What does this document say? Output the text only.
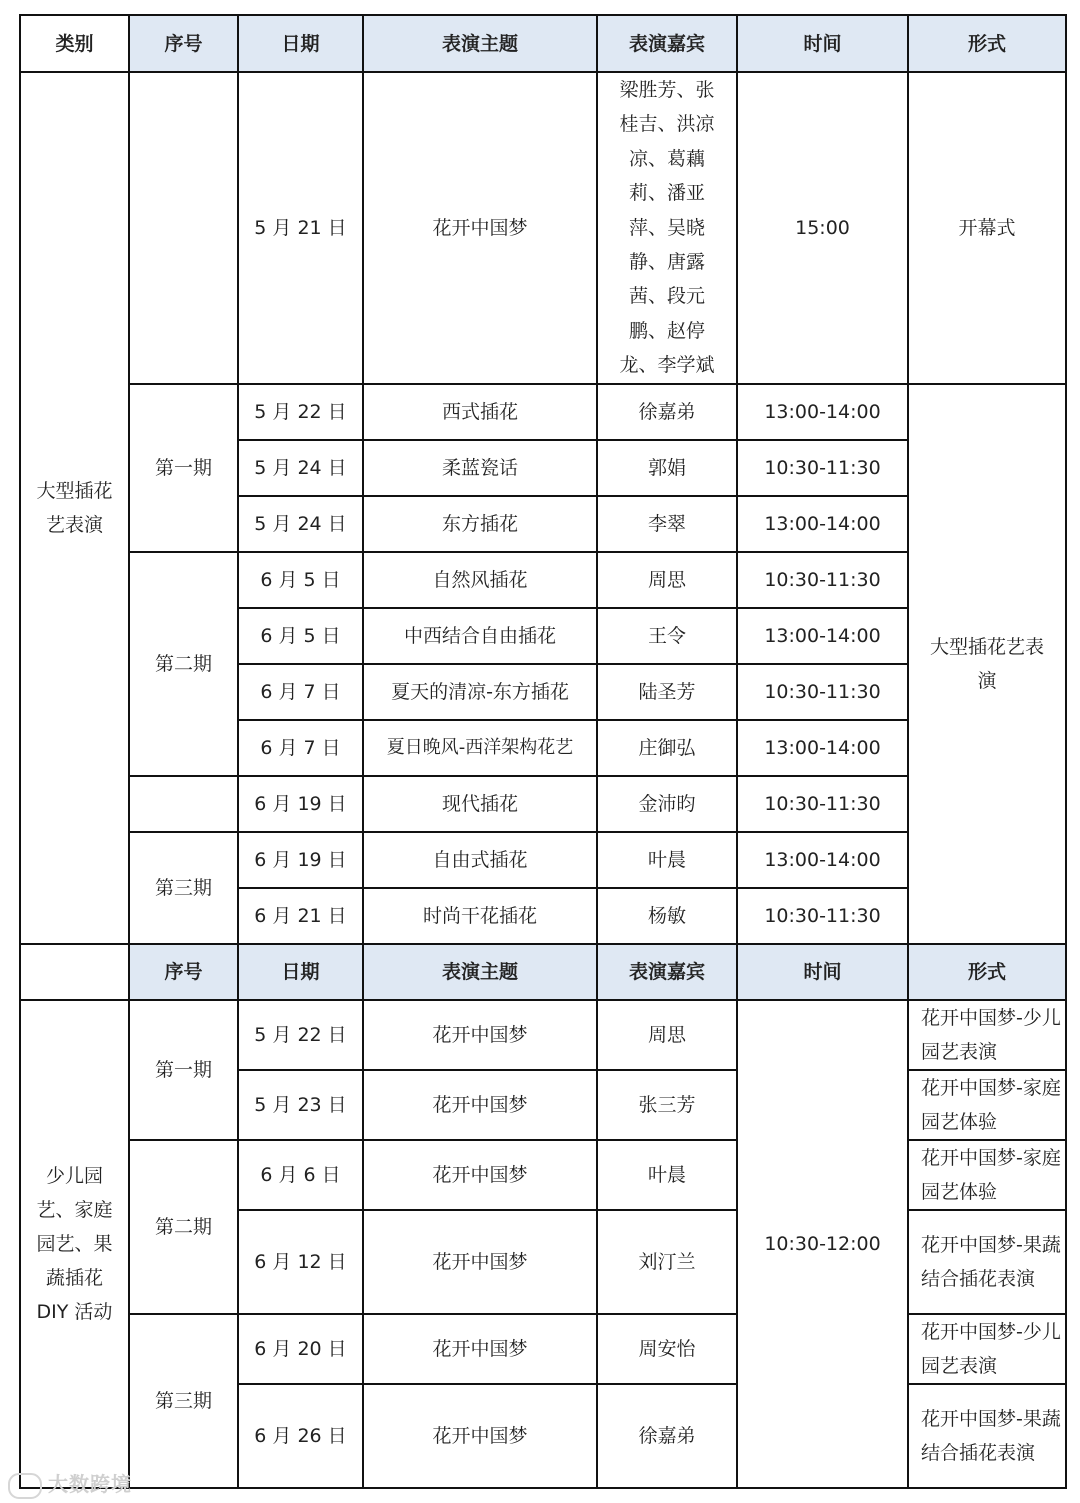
类别	序号	日期	表演主题	表演嘉宾	时间	形式
大型插花艺表演		5 月 21 日	花开中国梦	梁胜芳、张桂吉、洪凉凉、葛藕莉、潘亚萍、吴晓静、唐露茜、段元鹏、赵停龙、李学斌	15:00	开幕式
	第一期	5 月 22 日	西式插花	徐嘉弟	13:00-14:00	大型插花艺表演
		5 月 24 日	柔蓝瓷话	郭娟	10:30-11:30	
		5 月 24 日	东方插花	李翠	13:00-14:00	
	第二期	6 月 5 日	自然风插花	周思	10:30-11:30	
		6 月 5 日	中西结合自由插花	王令	13:00-14:00	
		6 月 7 日	夏天的清凉-东方插花	陆圣芳	10:30-11:30	
		6 月 7 日	夏日晚风-西洋架构花艺	庄御弘	13:00-14:00	
		6 月 19 日	现代插花	金沛昀	10:30-11:30	
	第三期	6 月 19 日	自由式插花	叶晨	13:00-14:00	
		6 月 21 日	时尚干花插花	杨敏	10:30-11:30	
	序号	日期	表演主题	表演嘉宾	时间	形式
少儿园艺、家庭园艺、果蔬插花 DIY 活动	第一期	5 月 22 日	花开中国梦	周思	10:30-12:00	花开中国梦-少儿园艺表演
		5 月 23 日	花开中国梦	张三芳		花开中国梦-家庭园艺体验
	第二期	6 月 6 日	花开中国梦	叶晨		花开中国梦-家庭园艺体验
		6 月 12 日	花开中国梦	刘汀兰		花开中国梦-果蔬结合插花表演
	第三期	6 月 20 日	花开中国梦	周安怡		花开中国梦-少儿园艺表演
		6 月 26 日	花开中国梦	徐嘉弟		花开中国梦-果蔬结合插花表演
大数跨境
